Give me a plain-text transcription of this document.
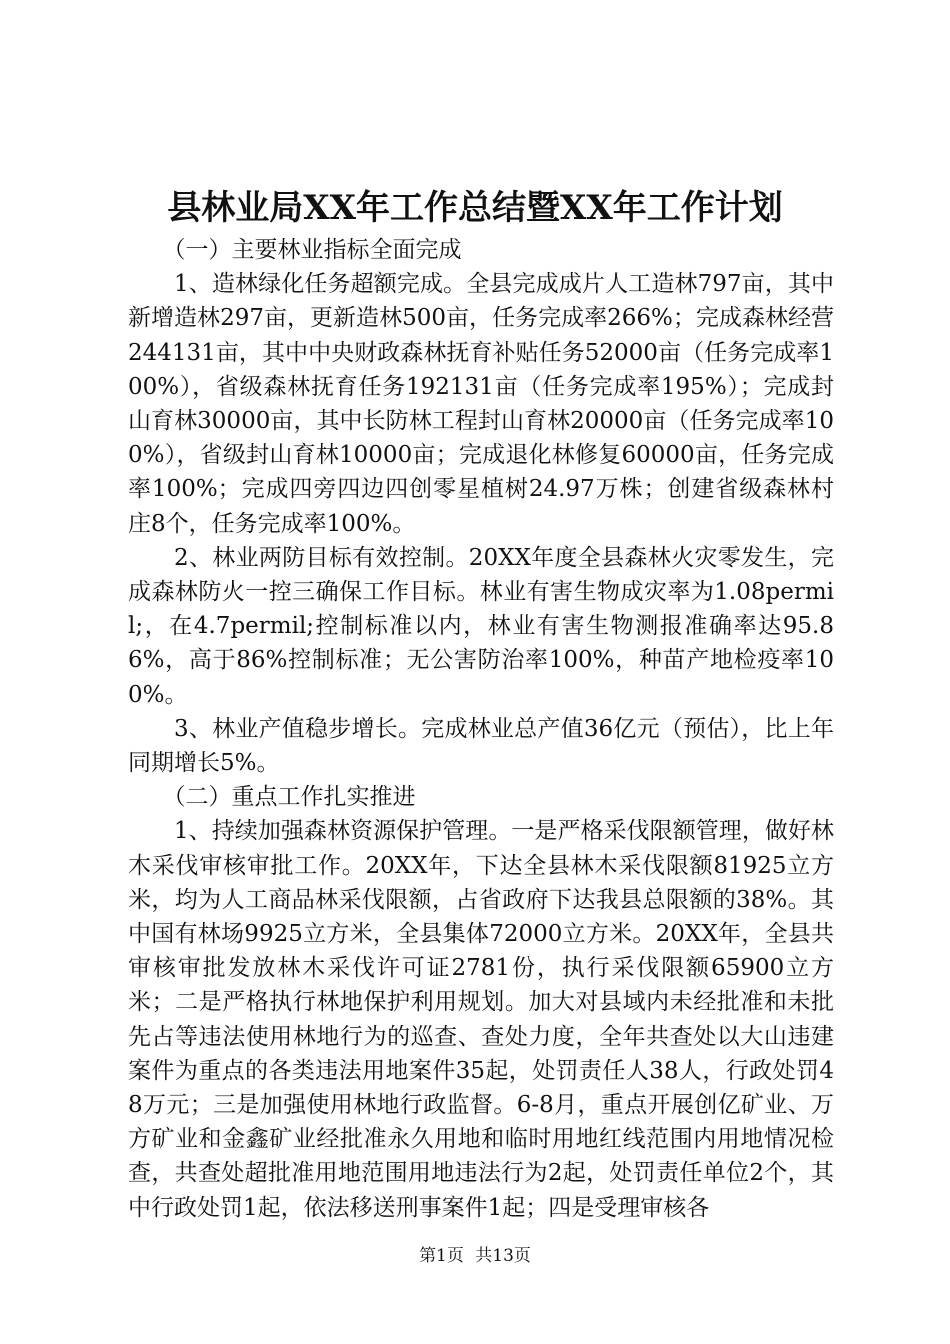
县林业局XX年工作总结暨XX年工作计划

（一）主要林业指标全面完成

1、造林绿化任务超额完成。全县完成成片人工造林797亩，其中新增造林297亩，更新造林500亩，任务完成率266%；完成森林经营244131亩，其中中央财政森林抚育补贴任务52000亩（任务完成率100%），省级森林抚育任务192131亩（任务完成率195%）；完成封山育林30000亩，其中长防林工程封山育林20000亩（任务完成率100%），省级封山育林10000亩；完成退化林修复60000亩，任务完成率100%；完成四旁四边四创零星植树24.97万株；创建省级森林村庄8个，任务完成率100%。

2、林业两防目标有效控制。20XX年度全县森林火灾零发生，完成森林防火一控三确保工作目标。林业有害生物成灾率为1.08permil;，在4.7permil;控制标准以内，林业有害生物测报准确率达95.86%，高于86%控制标准；无公害防治率100%，种苗产地检疫率100%。

3、林业产值稳步增长。完成林业总产值36亿元（预估），比上年同期增长5%。

（二）重点工作扎实推进

1、持续加强森林资源保护管理。一是严格采伐限额管理，做好林木采伐审核审批工作。20XX年，下达全县林木采伐限额81925立方米，均为人工商品林采伐限额，占省政府下达我县总限额的38%。其中国有林场9925立方米，全县集体72000立方米。20XX年，全县共审核审批发放林木采伐许可证2781份，执行采伐限额65900立方米；二是严格执行林地保护利用规划。加大对县域内未经批准和未批先占等违法使用林地行为的巡查、查处力度，全年共查处以大山违建案件为重点的各类违法用地案件35起，处罚责任人38人，行政处罚48万元；三是加强使用林地行政监督。6-8月，重点开展创亿矿业、万方矿业和金鑫矿业经批准永久用地和临时用地红线范围内用地情况检查，共查处超批准用地范围用地违法行为2起，处罚责任单位2个，其中行政处罚1起，依法移送刑事案件1起；四是受理审核各

第1页 共13页
